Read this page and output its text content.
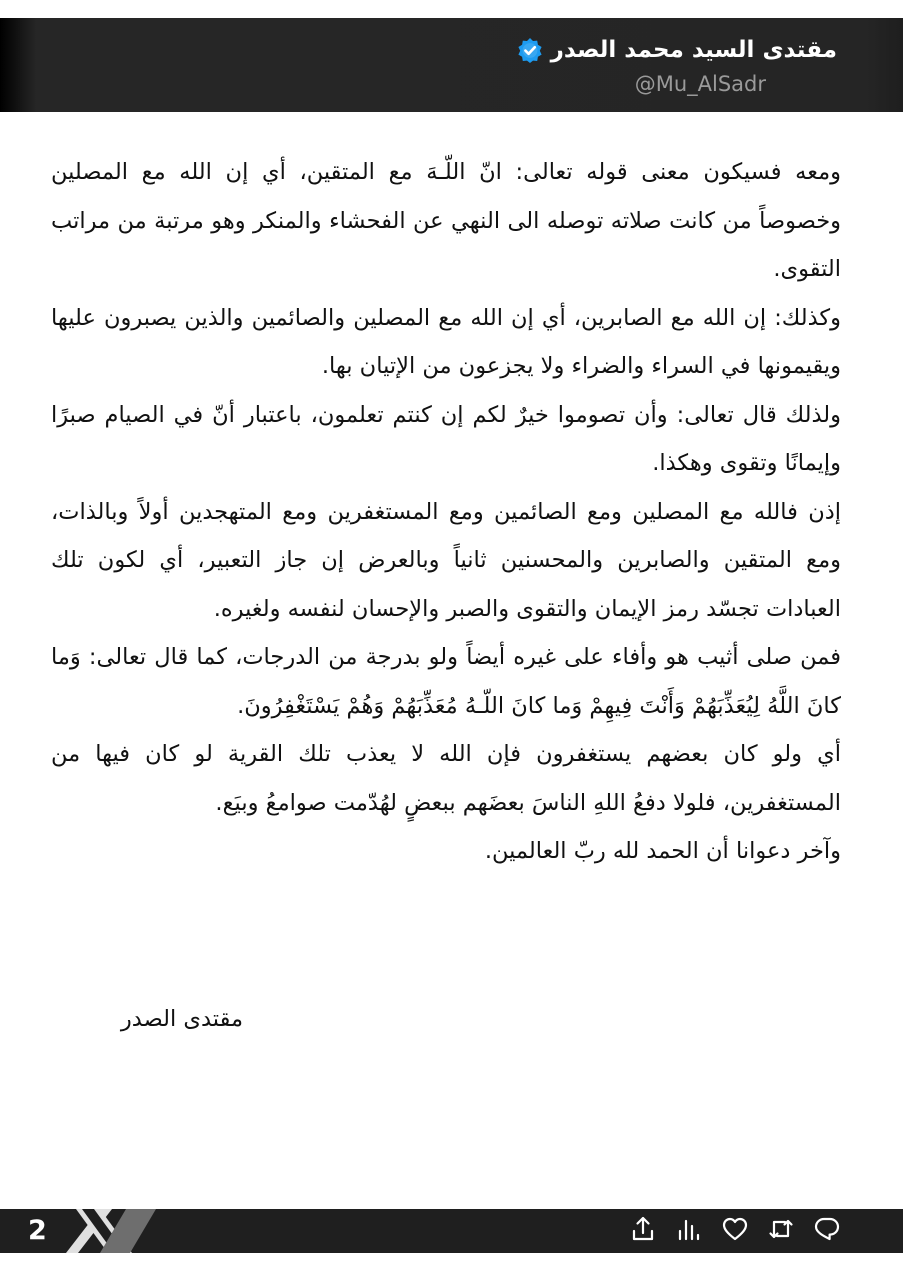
مقتدى السيد محمد الصدر
@Mu_AlSadr

ومعه فسيكون معنى قوله تعالى: انّ اللّـهَ مع المتقين، أي إن الله مع المصلين وخصوصاً من كانت صلاته توصله الى النهي عن الفحشاء والمنكر وهو مرتبة من مراتب التقوى.

وكذلك: إن الله مع الصابرين، أي إن الله مع المصلين والصائمين والذين يصبرون عليها ويقيمونها في السراء والضراء ولا يجزعون من الإتيان بها.

ولذلك قال تعالى: وأن تصوموا خيرٌ لكم إن كنتم تعلمون، باعتبار أنّ في الصيام صبرًا وإيمانًا وتقوى وهكذا.

إذن فالله مع المصلين ومع الصائمين ومع المستغفرين ومع المتهجدين أولاً وبالذات، ومع المتقين والصابرين والمحسنين ثانياً وبالعرض إن جاز التعبير، أي لكون تلك العبادات تجسّد رمز الإيمان والتقوى والصبر والإحسان لنفسه ولغيره.

فمن صلى أثيب هو وأفاء على غيره أيضاً ولو بدرجة من الدرجات، كما قال تعالى: وَما كانَ اللَّهُ لِيُعَذِّبَهُمْ وَأَنْتَ فِيهِمْ وَما كانَ اللّـهُ مُعَذِّبَهُمْ وَهُمْ يَسْتَغْفِرُونَ.

أي ولو كان بعضهم يستغفرون فإن الله لا يعذب تلك القرية لو كان فيها من المستغفرين، فلولا دفعُ اللهِ الناسَ بعضَهم ببعضٍ لهُدّمت صوامعُ وبيَع.

وآخر دعوانا أن الحمد لله ربّ العالمين.

مقتدى الصدر
2
